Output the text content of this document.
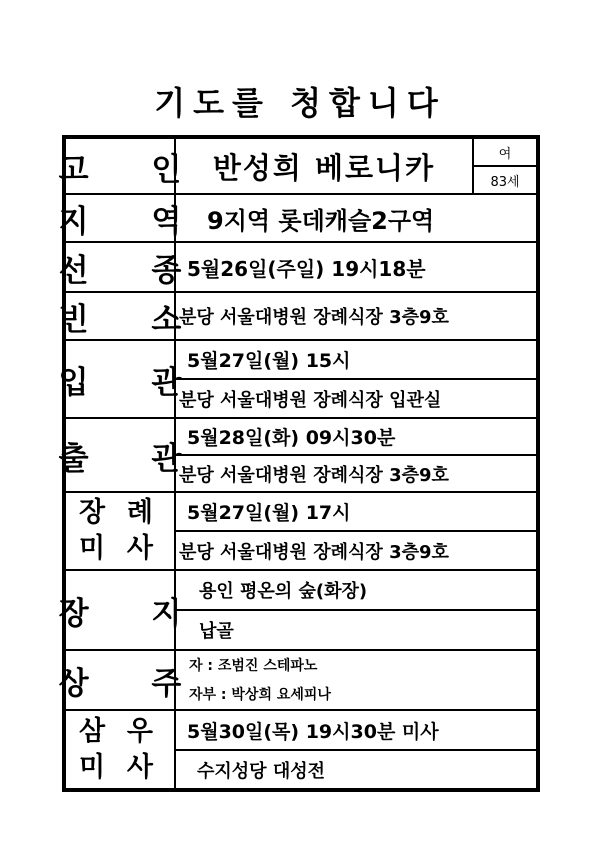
기도를 청합니다
고 인 반성희 베로니카	여
83세
지 역 9지역 롯데캐슬2구역
선 종
5월26일(주일) 19시18분
빈 소
분당 서울대병원 장례식장 3층9호
입 관
5월27일(월) 15시
분당 서울대병원 장례식장 입관실
출 관
5월28일(화) 09시30분
분당 서울대병원 장례식장 3층9호
장 례
미 사
5월27일(월) 17시
분당 서울대병원 장례식장 3층9호
장 지
용인 평온의 숲(화장)
납골
상 주
자 : 조범진 스테파노
자부 : 박상희 요세피나
삼 우
미 사
5월30일(목) 19시30분 미사
수지성당 대성전
